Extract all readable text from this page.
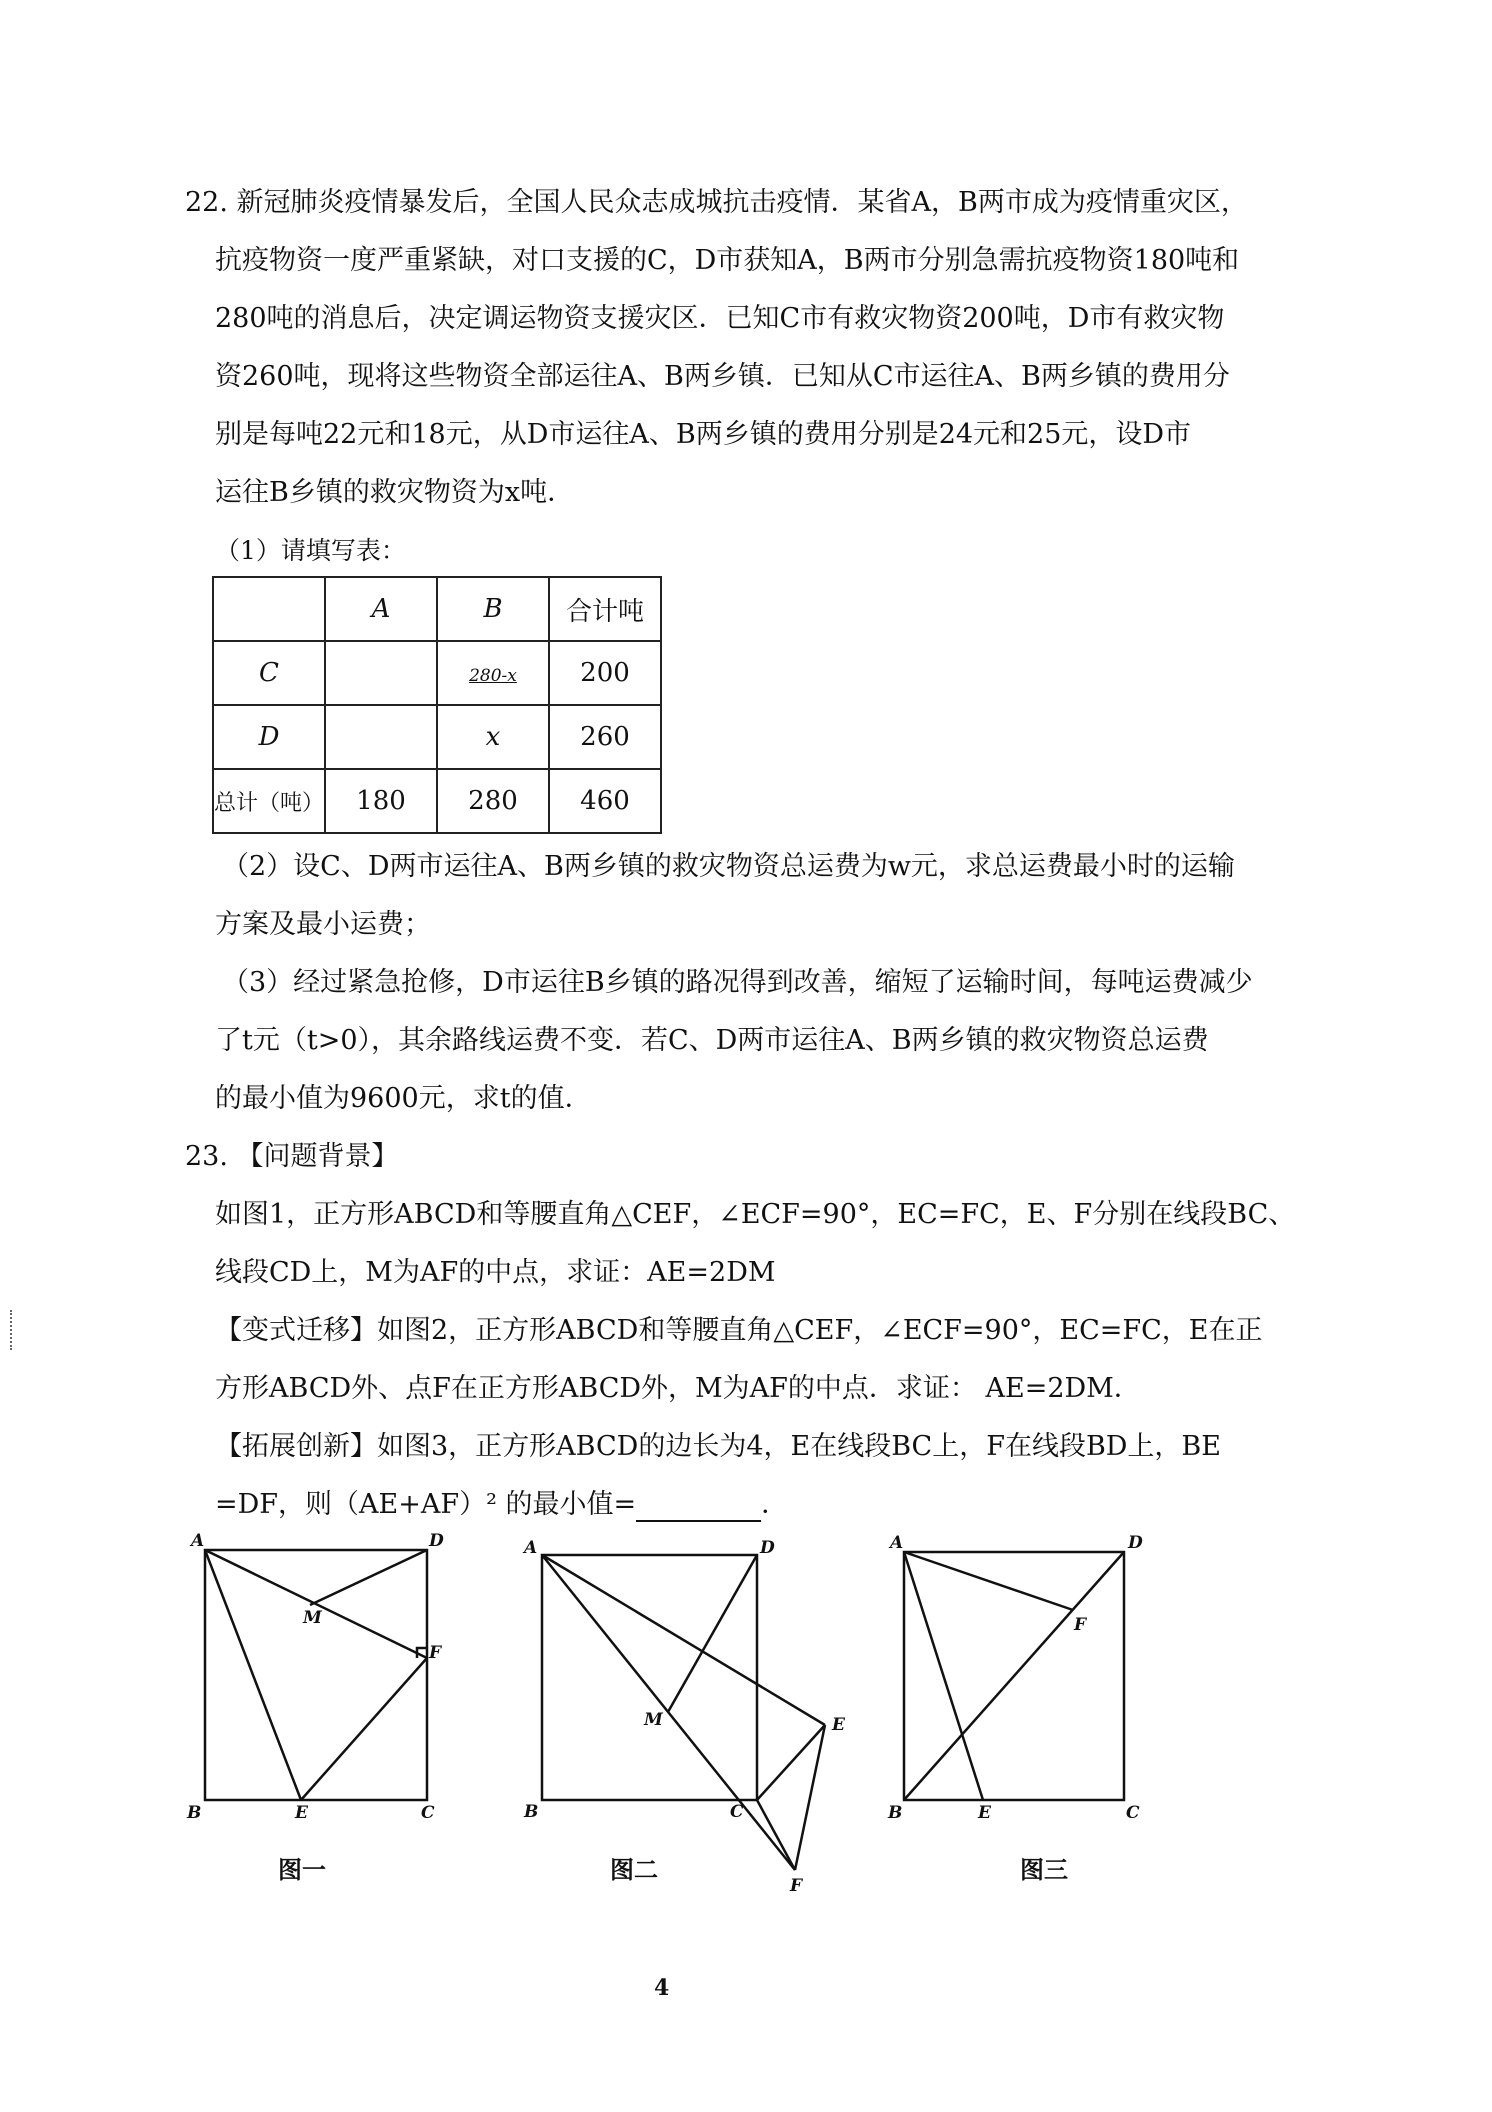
22. 新冠肺炎疫情暴发后，全国人民众志成城抗击疫情．某省A，B两市成为疫情重灾区，
抗疫物资一度严重紧缺，对口支援的C，D市获知A，B两市分别急需抗疫物资180吨和
280吨的消息后，决定调运物资支援灾区．已知C市有救灾物资200吨，D市有救灾物
资260吨，现将这些物资全部运往A、B两乡镇．已知从C市运往A、B两乡镇的费用分
别是每吨22元和18元，从D市运往A、B两乡镇的费用分别是24元和25元，设D市
运往B乡镇的救灾物资为x吨．
（1）请填写表：
	A	B	合计吨
C		280-x	200
D		x	260
总计（吨）	180	280	460
（2）设C、D两市运往A、B两乡镇的救灾物资总运费为w元，求总运费最小时的运输
方案及最小运费；
（3）经过紧急抢修，D市运往B乡镇的路况得到改善，缩短了运输时间，每吨运费减少
了t元（t>0），其余路线运费不变．若C、D两市运往A、B两乡镇的救灾物资总运费
的最小值为9600元，求t的值．
23. 【问题背景】
如图1，正方形ABCD和等腰直角△CEF，∠ECF=90°，EC=FC，E、F分别在线段BC、
线段CD上，M为AF的中点，求证：AE=2DM
【变式迁移】如图2，正方形ABCD和等腰直角△CEF，∠ECF=90°，EC=FC，E在正
方形ABCD外、点F在正方形ABCD外，M为AF的中点．求证： AE=2DM．
【拓展创新】如图3，正方形ABCD的边长为4，E在线段BC上，F在线段BD上，BE
=DF，则（AE+AF）² 的最小值=	．
A	D
M
F
E
B	C
图一
A	D
M	E
B	C
F
图二
A	D
F
B	E	C
图三
4
